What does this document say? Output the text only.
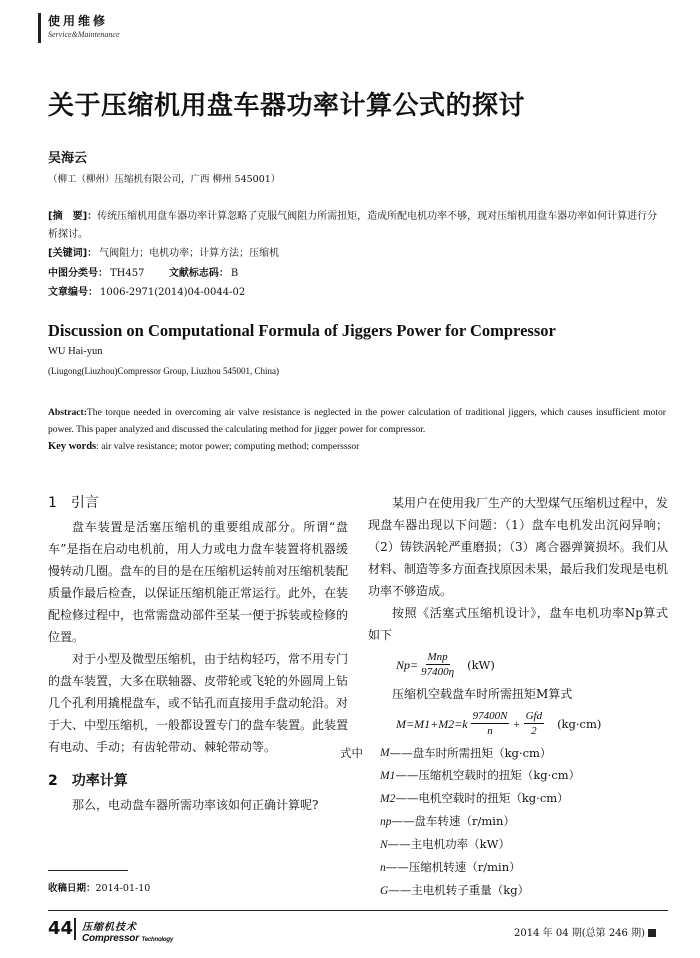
使用维修
Service&Maintenance
关于压缩机用盘车器功率计算公式的探讨
吴海云
（柳工（柳州）压缩机有限公司，广西 柳州 545001）
[摘　要]：传统压缩机用盘车器功率计算忽略了克服气阀阻力所需扭矩，造成所配电机功率不够，现对压缩机用盘车器功率如何计算进行分析探讨。
[关键词]： 气阀阻力；电机功率；计算方法；压缩机
中图分类号： TH457 文献标志码： B
文章编号： 1006-2971(2014)04-0044-02
Discussion on Computational Formula of Jiggers Power for Compressor
WU Hai-yun
(Liugong(Liuzhou)Compressor Group, Liuzhou 545001, China)
Abstract:The torque needed in overcoming air valve resistance is neglected in the power calculation of traditional jiggers, which causes insufficient motor power. This paper analyzed and discussed the calculating method for jigger power for compressor.
Key words: air valve resistance; motor power; computing method; compersssor
1　引言

盘车装置是活塞压缩机的重要组成部分。所谓“盘车”是指在启动电机前，用人力或电力盘车装置将机器缓慢转动几圈。盘车的目的是在压缩机运转前对压缩机装配质量作最后检查，以保证压缩机能正常运行。此外，在装配检修过程中，也常需盘动部件至某一便于拆装或检修的位置。

对于小型及微型压缩机，由于结构轻巧，常不用专门的盘车装置，大多在联轴器、皮带轮或飞轮的外圆周上钻几个孔利用撬棍盘车，或不钻孔而直接用手盘动轮沿。对于大、中型压缩机，一般都设置专门的盘车装置。此装置有电动、手动；有齿轮带动、棘轮带动等。

2　功率计算

那么，电动盘车器所需功率该如何正确计算呢?

某用户在使用我厂生产的大型煤气压缩机过程中，发现盘车器出现以下问题：（1）盘车电机发出沉闷异响；（2）铸铁涡轮严重磨损；（3）离合器弹簧损坏。我们从材料、制造等多方面查找原因未果，最后我们发现是电机功率不够造成。

按照《活塞式压缩机设计》，盘车电机功率Np算式如下

$Np= \frac{\text{Mnp}}{97400\eta} (kW)$

压缩机空载盘车时所需扭矩M算式

$M=M1+M2=k \frac{97400N}{n} + \frac{\text{Gfd}}{2} (kg\cdot cm)$
式中	M ——盘车时所需扭矩（kg·cm）
M1——压缩机空载时的扭矩（kg·cm）
M2——电机空载时的扭矩（kg·cm）
np——盘车转速（r/min）
N——主电机功率（kW）
n——压缩机转速（r/min）
G——主电机转子重量（kg）
收稿日期：2014-01-10
44 压缩机技术
Compressor Technology
2014 年 04 期(总第 246 期)
